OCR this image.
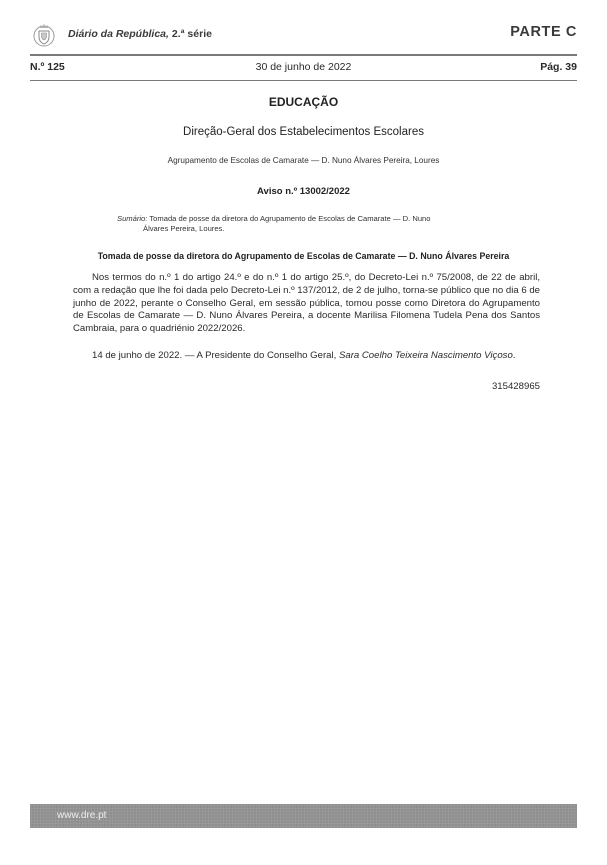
Diário da República, 2.ª série	PARTE C
N.º 125	30 de junho de 2022	Pág. 39
EDUCAÇÃO
Direção-Geral dos Estabelecimentos Escolares
Agrupamento de Escolas de Camarate — D. Nuno Álvares Pereira, Loures
Aviso n.º 13002/2022
Sumário: Tomada de posse da diretora do Agrupamento de Escolas de Camarate — D. Nuno
Álvares Pereira, Loures.
Tomada de posse da diretora do Agrupamento de Escolas de Camarate — D. Nuno Álvares Pereira

Nos termos do n.º 1 do artigo 24.º e do n.º 1 do artigo 25.º, do Decreto-Lei n.º 75/2008, de 22 de abril, com a redação que lhe foi dada pelo Decreto-Lei n.º 137/2012, de 2 de julho, torna-se público que no dia 6 de junho de 2022, perante o Conselho Geral, em sessão pública, tomou posse como Diretora do Agrupamento de Escolas de Camarate — D. Nuno Álvares Pereira, a docente Marilisa Filomena Tudela Pena dos Santos Cambraia, para o quadriénio 2022/2026.

14 de junho de 2022. — A Presidente do Conselho Geral, Sara Coelho Teixeira Nascimento Viçoso.

315428965
www.dre.pt
